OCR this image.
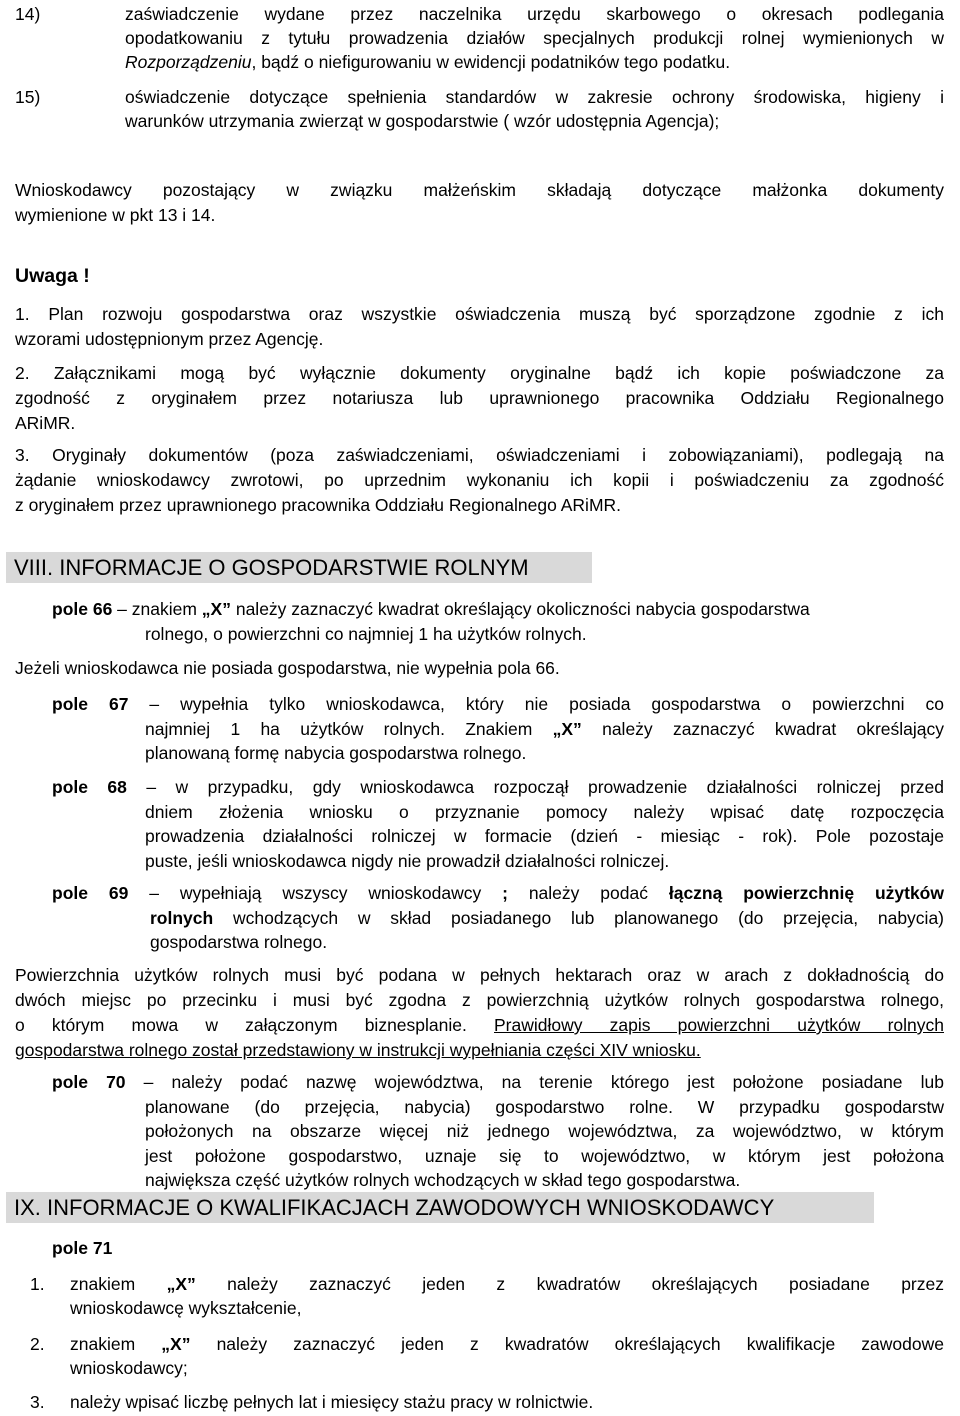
14)	zaświadczenie wydane przez naczelnika urzędu skarbowego o okresach podlegania

opodatkowaniu z tytułu prowadzenia działów specjalnych produkcji rolnej wymienionych w

Rozporządzeniu, bądź o niefigurowaniu w ewidencji podatników tego podatku.

15)	oświadczenie dotyczące spełnienia standardów w zakresie ochrony środowiska, higieny i

warunków utrzymania zwierząt w gospodarstwie ( wzór udostępnia Agencja);

Wnioskodawcy pozostający w związku małżeńskim składają dotyczące małżonka dokumenty

wymienione w pkt 13 i 14.

Uwaga !

1. Plan rozwoju gospodarstwa oraz wszystkie oświadczenia muszą być sporządzone zgodnie z ich

wzorami udostępnionym przez Agencję.

2. Załącznikami mogą być wyłącznie dokumenty oryginalne bądź ich kopie poświadczone za

zgodność z oryginałem przez notariusza lub uprawnionego pracownika Oddziału Regionalnego

ARiMR.

3. Oryginały dokumentów (poza zaświadczeniami, oświadczeniami i zobowiązaniami), podlegają na

żądanie wnioskodawcy zwrotowi, po uprzednim wykonaniu ich kopii i poświadczeniu za zgodność

z oryginałem przez uprawnionego pracownika Oddziału Regionalnego ARiMR.

VIII. INFORMACJE O GOSPODARSTWIE ROLNYM
pole 66 – znakiem „X” należy zaznaczyć kwadrat określający okoliczności nabycia gospodarstwa
rolnego, o powierzchni co najmniej 1 ha użytków rolnych.

Jeżeli wnioskodawca nie posiada gospodarstwa, nie wypełnia pola 66.

pole 67 – wypełnia tylko wnioskodawca, który nie posiada gospodarstwa o powierzchni co
najmniej 1 ha użytków rolnych. Znakiem „X” należy zaznaczyć kwadrat określający
planowaną formę nabycia gospodarstwa rolnego.
pole 68 – w przypadku, gdy wnioskodawca rozpoczął prowadzenie działalności rolniczej przed
dniem złożenia wniosku o przyznanie pomocy należy wpisać datę rozpoczęcia
prowadzenia działalności rolniczej w formacie (dzień - miesiąc - rok). Pole pozostaje
puste, jeśli wnioskodawca nigdy nie prowadził działalności rolniczej.
pole 69 – wypełniają wszyscy wnioskodawcy ; należy podać łączną powierzchnię użytków
rolnych wchodzących w skład posiadanego lub planowanego (do przejęcia, nabycia)
gospodarstwa rolnego.

Powierzchnia użytków rolnych musi być podana w pełnych hektarach oraz w arach z dokładnością do

dwóch miejsc po przecinku i musi być zgodna z powierzchnią użytków rolnych gospodarstwa rolnego,

o którym mowa w załączonym biznesplanie. Prawidłowy zapis powierzchni użytków rolnych

gospodarstwa rolnego został przedstawiony w instrukcji wypełniania części XIV wniosku.

pole 70 – należy podać nazwę województwa, na terenie którego jest położone posiadane lub
planowane (do przejęcia, nabycia) gospodarstwo rolne. W przypadku gospodarstw
położonych na obszarze więcej niż jednego województwa, za województwo, w którym
jest położone gospodarstwo, uznaje się to województwo, w którym jest położona
największa część użytków rolnych wchodzących w skład tego gospodarstwa.
IX. INFORMACJE O KWALIFIKACJACH ZAWODOWYCH WNIOSKODAWCY
pole 71
1. znakiem „X” należy zaznaczyć jeden z kwadratów określających posiadane przez

wnioskodawcę wykształcenie,

2. znakiem „X” należy zaznaczyć jeden z kwadratów określających kwalifikacje zawodowe

wnioskodawcy;

3. należy wpisać liczbę pełnych lat i miesięcy stażu pracy w rolnictwie.
